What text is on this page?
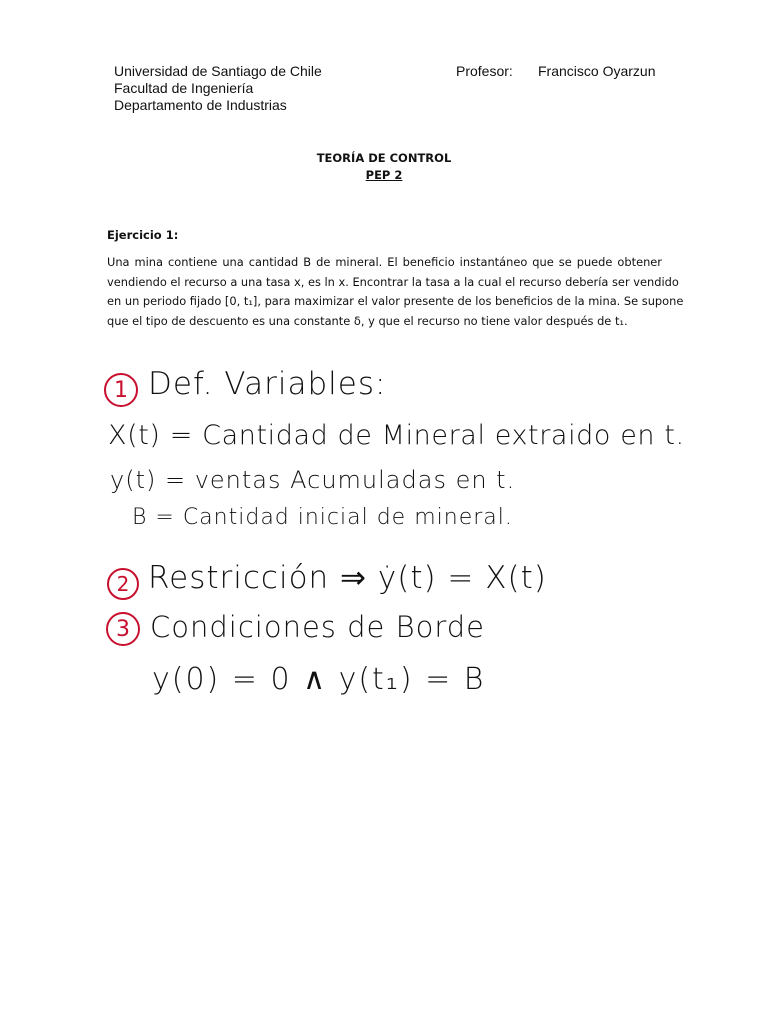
Universidad de Santiago de Chile
Facultad de Ingeniería
Departamento de Industrias
Profesor: Francisco Oyarzun
TEORÍA DE CONTROL
PEP 2
Ejercicio 1:
Una mina contiene una cantidad B de mineral. El beneficio instantáneo que se puede obtener
vendiendo el recurso a una tasa x, es ln x. Encontrar la tasa a la cual el recurso debería ser vendido
en un periodo fijado [0, t₁], para maximizar el valor presente de los beneficios de la mina. Se supone
que el tipo de descuento es una constante δ, y que el recurso no tiene valor después de t₁.
1 Def. Variables:
X(t) = Cantidad de Mineral extraido en t.
y(t) = ventas Acumuladas en t.
B = Cantidad inicial de mineral.
2 Restricción ⇒ ẏ(t) = X(t)
3 Condiciones de Borde
y(0) = 0 ∧ y(t₁) = B
